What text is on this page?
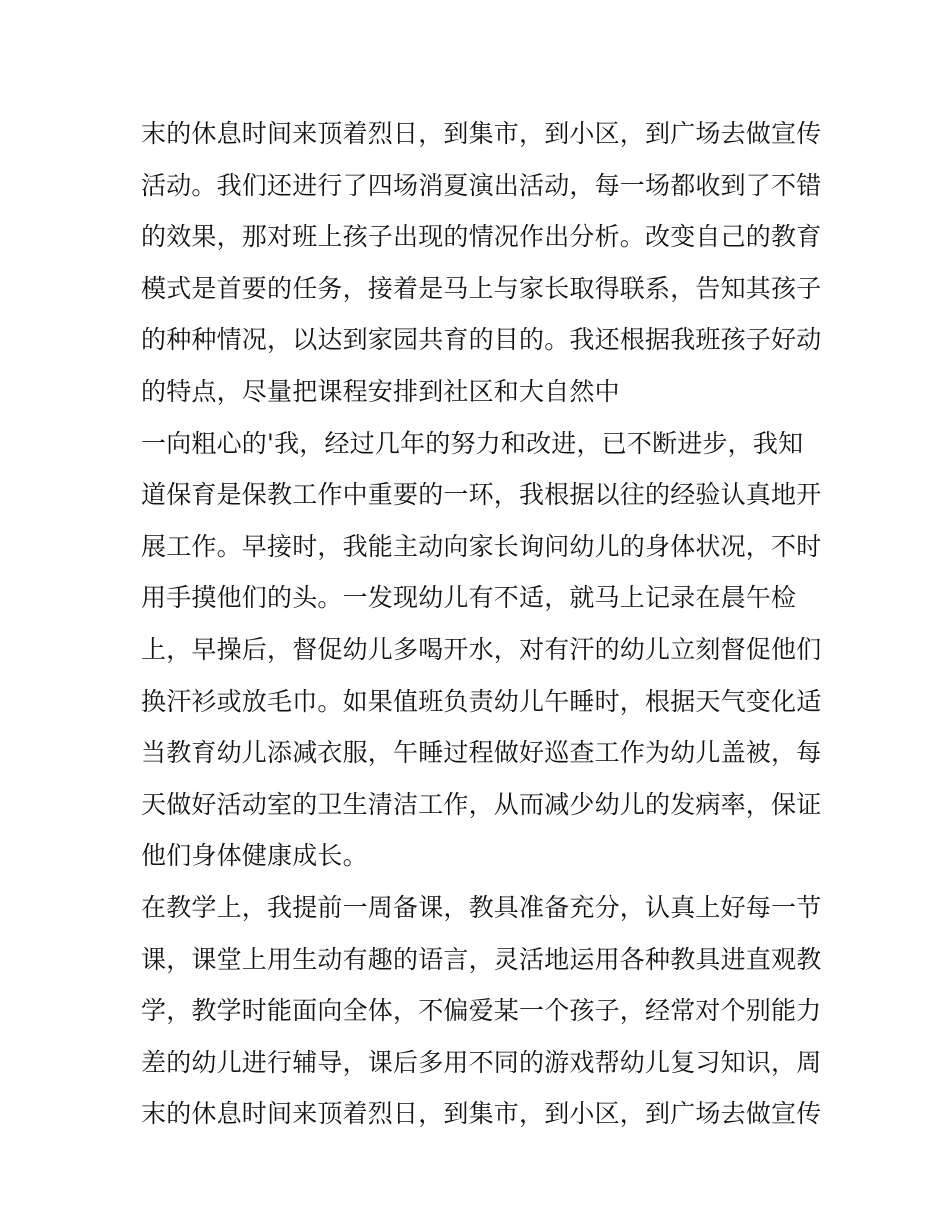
末的休息时间来顶着烈日，到集市，到小区，到广场去做宣传
活动。我们还进行了四场消夏演出活动，每一场都收到了不错
的效果，那对班上孩子出现的情况作出分析。改变自己的教育
模式是首要的任务，接着是马上与家长取得联系，告知其孩子
的种种情况，以达到家园共育的目的。我还根据我班孩子好动
的特点，尽量把课程安排到社区和大自然中
一向粗心的'我，经过几年的努力和改进，已不断进步，我知
道保育是保教工作中重要的一环，我根据以往的经验认真地开
展工作。早接时，我能主动向家长询问幼儿的身体状况，不时
用手摸他们的头。一发现幼儿有不适，就马上记录在晨午检
上，早操后，督促幼儿多喝开水，对有汗的幼儿立刻督促他们
换汗衫或放毛巾。如果值班负责幼儿午睡时，根据天气变化适
当教育幼儿添减衣服，午睡过程做好巡查工作为幼儿盖被，每
天做好活动室的卫生清洁工作，从而减少幼儿的发病率，保证
他们身体健康成长。
在教学上，我提前一周备课，教具准备充分，认真上好每一节
课，课堂上用生动有趣的语言，灵活地运用各种教具进直观教
学，教学时能面向全体，不偏爱某一个孩子，经常对个别能力
差的幼儿进行辅导，课后多用不同的游戏帮幼儿复习知识，周
末的休息时间来顶着烈日，到集市，到小区，到广场去做宣传
